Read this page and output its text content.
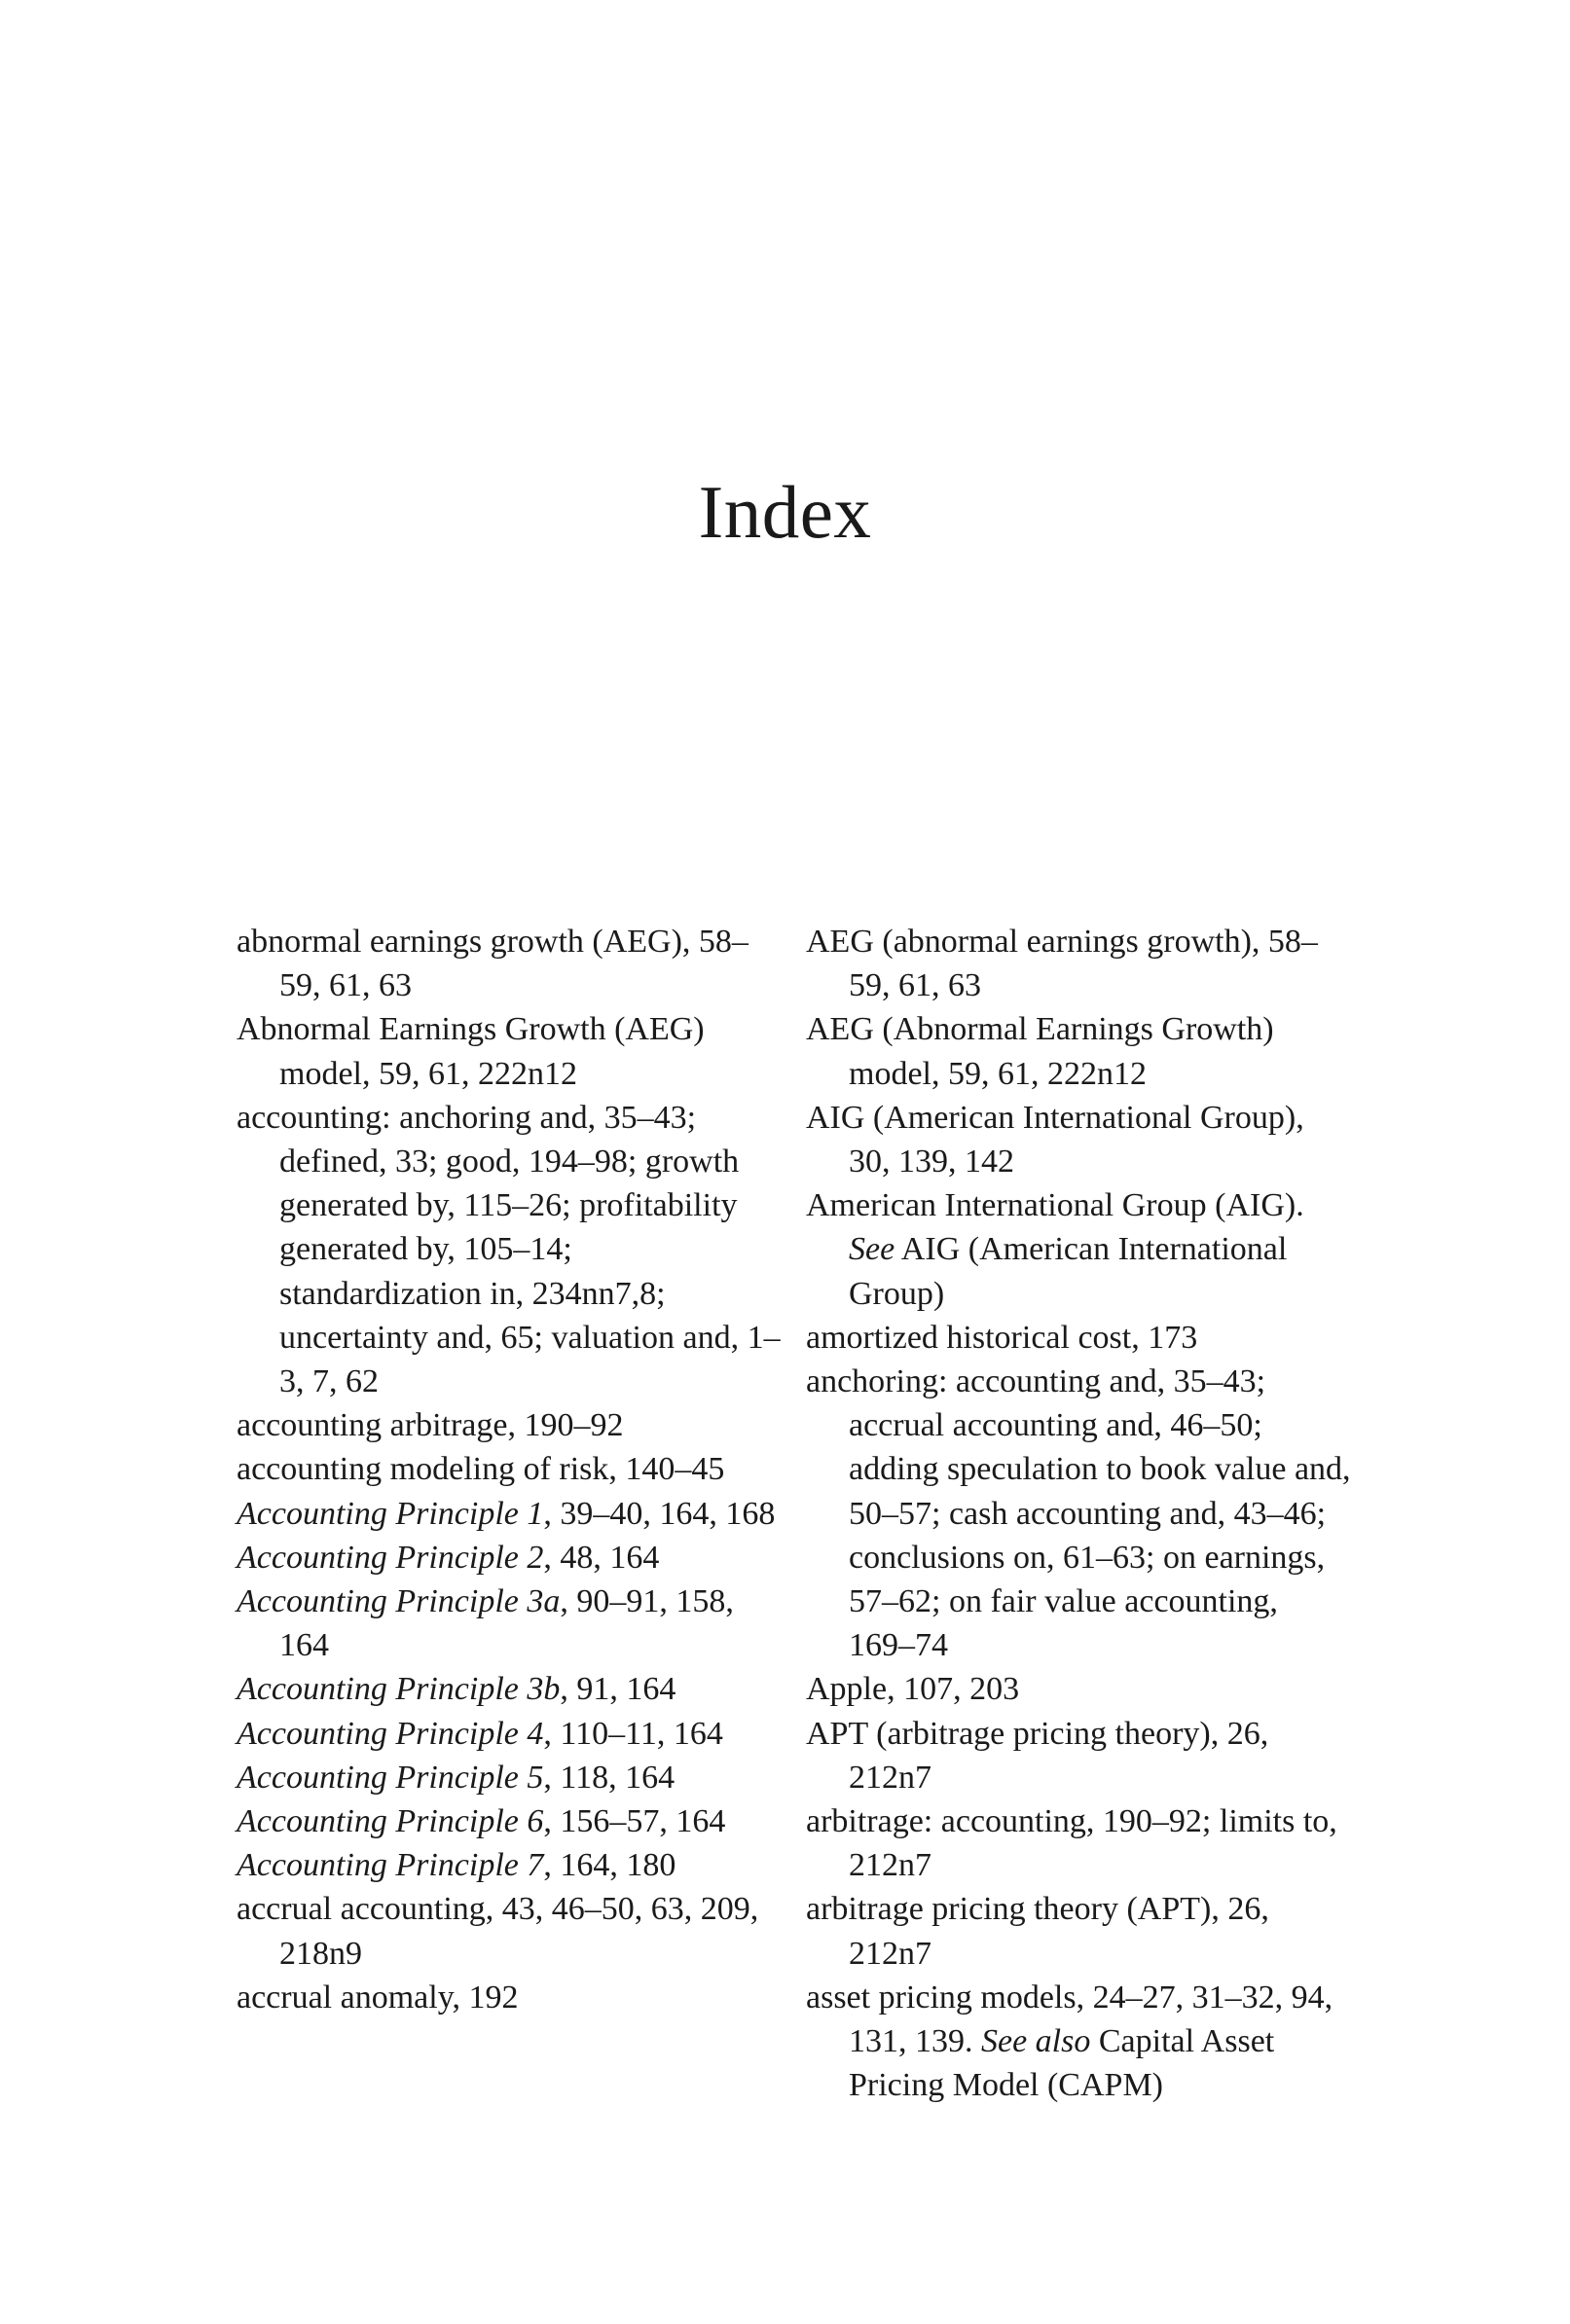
Index

abnormal earnings growth (AEG), 58–59, 61, 63

Abnormal Earnings Growth (AEG) model, 59, 61, 222n12

accounting: anchoring and, 35–43; defined, 33; good, 194–98; growth generated by, 115–26; profitability generated by, 105–14; standardization in, 234nn7,8; uncertainty and, 65; valuation and, 1–3, 7, 62

accounting arbitrage, 190–92

accounting modeling of risk, 140–45

Accounting Principle 1, 39–40, 164, 168

Accounting Principle 2, 48, 164

Accounting Principle 3a, 90–91, 158, 164

Accounting Principle 3b, 91, 164

Accounting Principle 4, 110–11, 164

Accounting Principle 5, 118, 164

Accounting Principle 6, 156–57, 164

Accounting Principle 7, 164, 180

accrual accounting, 43, 46–50, 63, 209, 218n9

accrual anomaly, 192

AEG (abnormal earnings growth), 58–59, 61, 63

AEG (Abnormal Earnings Growth) model, 59, 61, 222n12

AIG (American International Group), 30, 139, 142

American International Group (AIG). See AIG (American International Group)

amortized historical cost, 173

anchoring: accounting and, 35–43; accrual accounting and, 46–50; adding speculation to book value and, 50–57; cash accounting and, 43–46; conclusions on, 61–63; on earnings, 57–62; on fair value accounting, 169–74

Apple, 107, 203

APT (arbitrage pricing theory), 26, 212n7

arbitrage: accounting, 190–92; limits to, 212n7

arbitrage pricing theory (APT), 26, 212n7

asset pricing models, 24–27, 31–32, 94, 131, 139. See also Capital Asset Pricing Model (CAPM)
